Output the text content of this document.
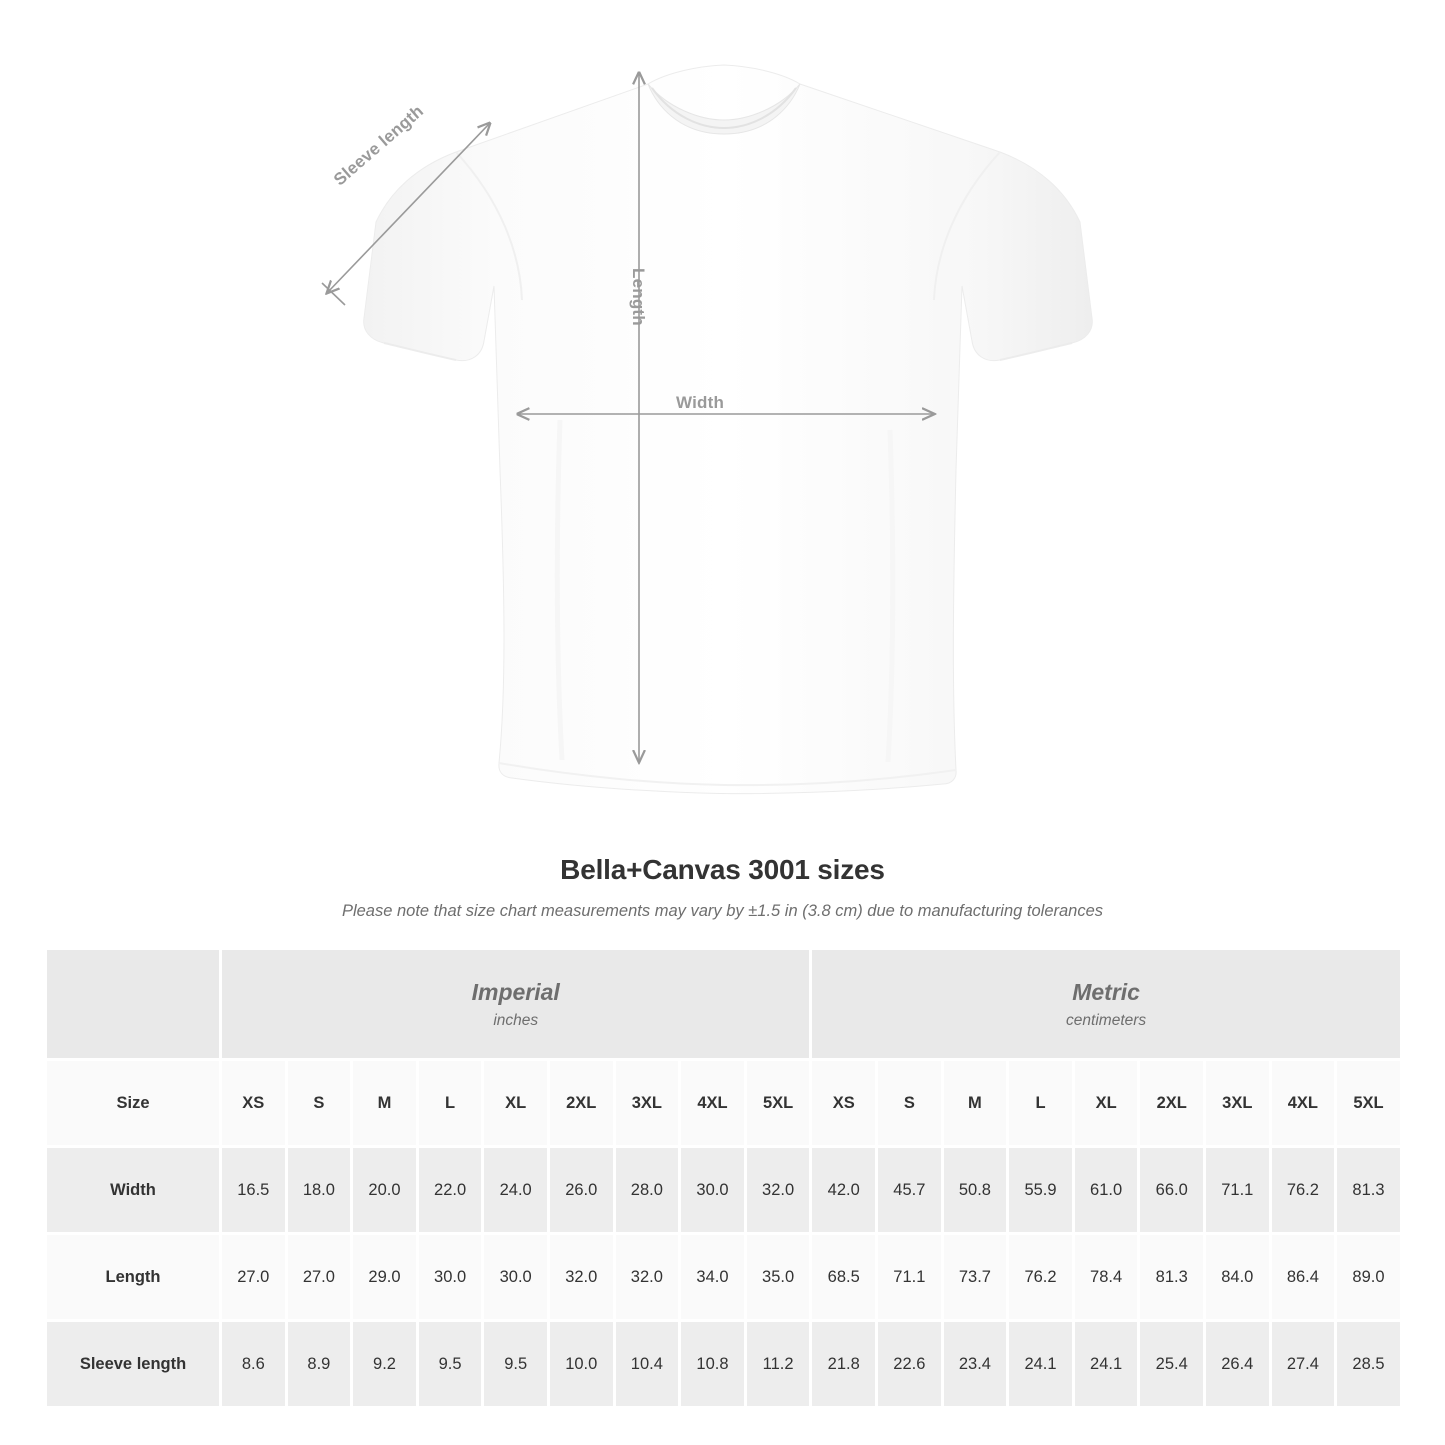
Sleeve length
Length
Width
Bella+Canvas 3001 sizes
Please note that size chart measurements may vary by ±1.5 in (3.8 cm) due to manufacturing tolerances

Imperial
inches

Metric
centimeters

Size	XS	S	M	L	XL	2XL	3XL	4XL	5XL	XS	S	M	L	XL	2XL	3XL	4XL	5XL
Width	16.5	18.0	20.0	22.0	24.0	26.0	28.0	30.0	32.0	42.0	45.7	50.8	55.9	61.0	66.0	71.1	76.2	81.3
Length	27.0	27.0	29.0	30.0	30.0	32.0	32.0	34.0	35.0	68.5	71.1	73.7	76.2	78.4	81.3	84.0	86.4	89.0
Sleeve length	8.6	8.9	9.2	9.5	9.5	10.0	10.4	10.8	11.2	21.8	22.6	23.4	24.1	24.1	25.4	26.4	27.4	28.5
